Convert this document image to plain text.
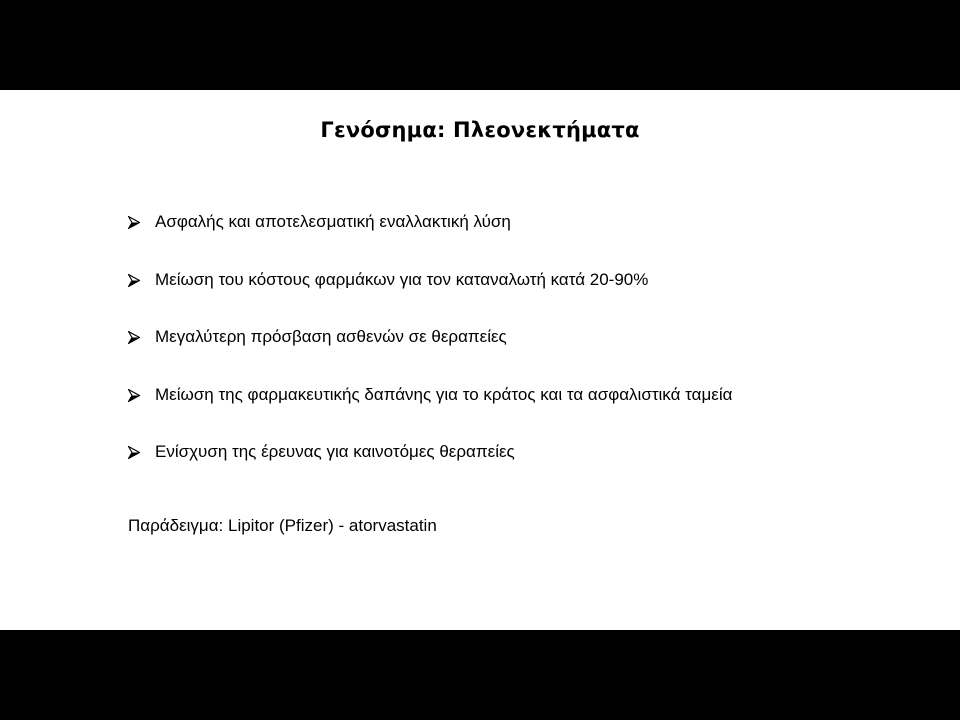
Γενόσημα: Πλεονεκτήματα
Ασφαλής και αποτελεσματική εναλλακτική λύση
Μείωση του κόστους φαρμάκων για τον καταναλωτή κατά 20-90%
Μεγαλύτερη πρόσβαση ασθενών σε θεραπείες
Μείωση της φαρμακευτικής δαπάνης για το κράτος και τα ασφαλιστικά ταμεία
Ενίσχυση της έρευνας για καινοτόμες θεραπείες
Παράδειγμα: Lipitor (Pfizer) - atorvastatin
